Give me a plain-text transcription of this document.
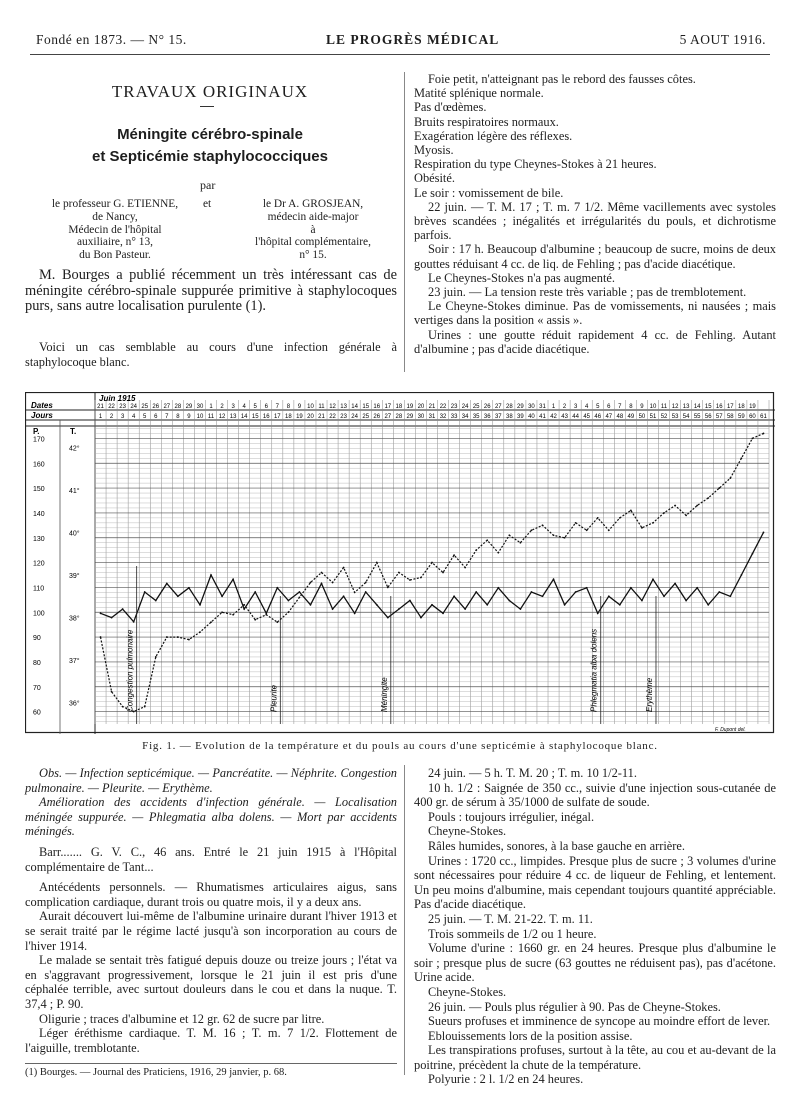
Fondé en 1873. — N° 15.	LE PROGRÈS MÉDICAL	5 AOUT 1916.
TRAVAUX ORIGINAUX
Méningite cérébro-spinale
et Septicémie staphylococciques
par
le professeur G. ETIENNE,
de Nancy,
Médecin de l'hôpital
auxiliaire, n° 13,
du Bon Pasteur.
et	le Dr A. GROSJEAN,
médecin aide-major
à
l'hôpital complémentaire,
n° 15.

M. Bourges a publié récemment un très intéressant cas de méningite cérébro-spinale suppurée primitive à staphylocoques purs, sans autre localisation purulente (1).

Voici un cas semblable au cours d'une infection générale à staphylocoque blanc.

Foie petit, n'atteignant pas le rebord des fausses côtes.

Matité splénique normale.

Pas d'œdèmes.

Bruits respiratoires normaux.

Exagération légère des réflexes.

Myosis.

Respiration du type Cheynes-Stokes à 21 heures.

Obésité.

Le soir : vomissement de bile.

22 juin. — T. M. 17 ; T. m. 7 1/2. Même vacillements avec systoles brèves scandées ; inégalités et irrégularités du pouls, et dichrotisme parfois.

Soir : 17 h. Beaucoup d'albumine ; beaucoup de sucre, moins de deux gouttes réduisant 4 cc. de liq. de Fehling ; pas d'acide diacétique.

Le Cheynes-Stokes n'a pas augmenté.

23 juin. — La tension reste très variable ; pas de tremblotement.

Le Cheyne-Stokes diminue. Pas de vomissements, ni nausées ; mais vertiges dans la position « assis ».

Urines : une goutte réduit rapidement 4 cc. de Fehling. Autant d'albumine ; pas d'acide diacétique.

Dates
Jours
Juin 1915
P.	T.
21
1
22
2
23
3
24
4
25
5
26
6
27
7
28
8
29
9
30
10
1
11
2
12
3
13
4
14
5
15
6
16
7
17
8
18
9
19
10
20
11
21
12
22
13
23
14
24
15
25
16
26
17
27
18
28
19
29
20
30
21
31
22
32
23
33
24
34
25
35
26
36
27
37
28
38
29
39
30
40
31
41
1
42
2
43
3
44
4
45
5
46
6
47
7
48
8
49
9
50
10
51
11
52
12
53
13
54
14
55
15
56
16
57
17
58
18
59
19
60 61
170
160
150
140
130
120
110
100
90
80
70
60
42°
41°
40°
39°
38°
37°
36°	Congestion pulmonaire	Pleurite	Méningite	Phlegmatia alba dolens	Erythème
F. Dupont del.
Fig. 1. — Evolution de la température et du pouls au cours d'une septicémie à staphylocoque blanc.

Obs. — Infection septicémique. — Pancréatite. — Néphrite. Congestion pulmonaire. — Pleurite. — Erythème.

Amélioration des accidents d'infection générale. — Localisation méningée suppurée. — Phlegmatia alba dolens. — Mort par accidents méningés.

Barr....... G. V. C., 46 ans. Entré le 21 juin 1915 à l'Hôpital complémentaire de Tant...

Antécédents personnels. — Rhumatismes articulaires aigus, sans complication cardiaque, durant trois ou quatre mois, il y a deux ans.

Aurait découvert lui-même de l'albumine urinaire durant l'hiver 1913 et se serait traité par le régime lacté jusqu'à son incorporation au cours de l'hiver 1914.

Le malade se sentait très fatigué depuis douze ou treize jours ; l'état va en s'aggravant progressivement, lorsque le 21 juin il est pris d'une céphalée terrible, avec surtout douleurs dans le cou et dans la nuque. T. 37,4 ; P. 90.

Oligurie ; traces d'albumine et 12 gr. 62 de sucre par litre.

Léger éréthisme cardiaque. T. M. 16 ; T. m. 7 1/2. Flottement de l'aiguille, tremblotante.

(1) Bourges. — Journal des Praticiens, 1916, 29 janvier, p. 68.

24 juin. — 5 h. T. M. 20 ; T. m. 10 1/2-11.

10 h. 1/2 : Saignée de 350 cc., suivie d'une injection sous-cutanée de 400 gr. de sérum à 35/1000 de sulfate de soude.

Pouls : toujours irrégulier, inégal.

Cheyne-Stokes.

Râles humides, sonores, à la base gauche en arrière.

Urines : 1720 cc., limpides. Presque plus de sucre ; 3 volumes d'urine sont nécessaires pour réduire 4 cc. de liqueur de Fehling, et lentement. Un peu moins d'albumine, mais cependant toujours quantité appréciable. Pas d'acide diacétique.

25 juin. — T. M. 21-22. T. m. 11.

Trois sommeils de 1/2 ou 1 heure.

Volume d'urine : 1660 gr. en 24 heures. Presque plus d'albumine le soir ; presque plus de sucre (63 gouttes ne réduisent pas), pas d'acétone. Urine acide.

Cheyne-Stokes.

26 juin. — Pouls plus régulier à 90. Pas de Cheyne-Stokes.

Sueurs profuses et imminence de syncope au moindre effort de lever.

Eblouissements lors de la position assise.

Les transpirations profuses, surtout à la tête, au cou et au-devant de la poitrine, précèdent la chute de la température.

Polyurie : 2 l. 1/2 en 24 heures.
